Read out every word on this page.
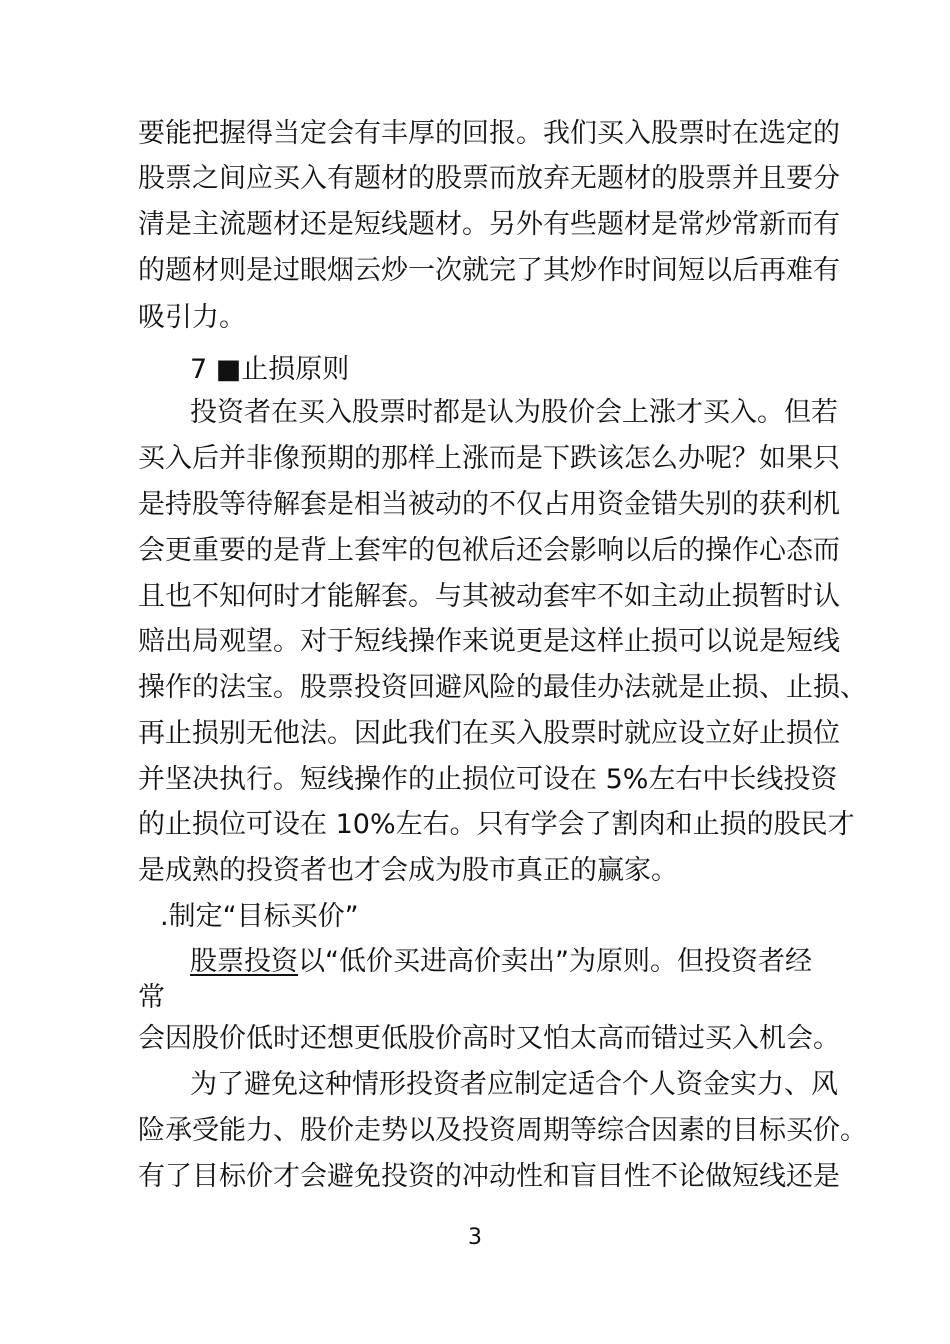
要能把握得当定会有丰厚的回报。我们买入股票时在选定的
股票之间应买入有题材的股票而放弃无题材的股票并且要分
清是主流题材还是短线题材。另外有些题材是常炒常新而有
的题材则是过眼烟云炒一次就完了其炒作时间短以后再难有
吸引力。
7 ■止损原则
投资者在买入股票时都是认为股价会上涨才买入。但若
买入后并非像预期的那样上涨而是下跌该怎么办呢？如果只
是持股等待解套是相当被动的不仅占用资金错失别的获利机
会更重要的是背上套牢的包袱后还会影响以后的操作心态而
且也不知何时才能解套。与其被动套牢不如主动止损暂时认
赔出局观望。对于短线操作来说更是这样止损可以说是短线
操作的法宝。股票投资回避风险的最佳办法就是止损、止损、
再止损别无他法。因此我们在买入股票时就应设立好止损位
并坚决执行。短线操作的止损位可设在 5%左右中长线投资
的止损位可设在 10%左右。只有学会了割肉和止损的股民才
是成熟的投资者也才会成为股市真正的赢家。
.制定“目标买价”
股票投资以“低价买进高价卖出”为原则。但投资者经
常
会因股价低时还想更低股价高时又怕太高而错过买入机会。
为了避免这种情形投资者应制定适合个人资金实力、风
险承受能力、股价走势以及投资周期等综合因素的目标买价。
有了目标价才会避免投资的冲动性和盲目性不论做短线还是
3
